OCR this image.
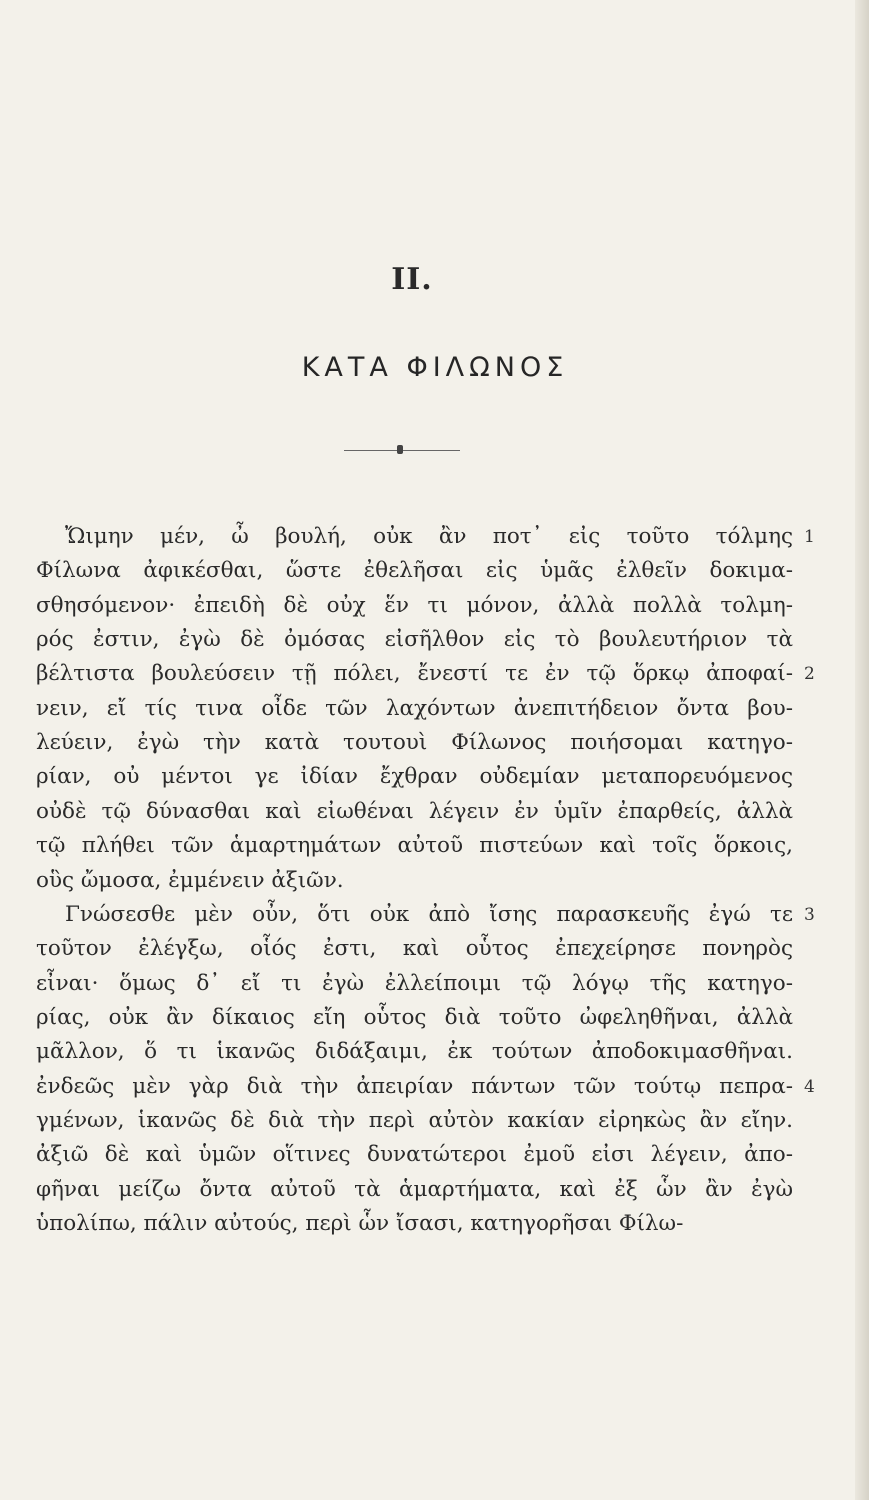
II.
ΚΑΤΑ ΦΙΛΩΝΟΣ
Ὤιμην μέν, ὦ βουλή, οὐκ ἂν ποτ᾽ εἰς τοῦτο τόλμης
Φίλωνα ἀφικέσθαι, ὥστε ἐθελῆσαι εἰς ὑμᾶς ἐλθεῖν δοκιμα-
σθησόμενον· ἐπειδὴ δὲ οὐχ ἕν τι μόνον, ἀλλὰ πολλὰ τολμη-
ρός ἐστιν, ἐγὼ δὲ ὀμόσας εἰσῆλθον εἰς τὸ βουλευτήριον τὰ
βέλτιστα βουλεύσειν τῇ πόλει, ἔνεστί τε ἐν τῷ ὅρκῳ ἀποφαί-
νειν, εἴ τίς τινα οἶδε τῶν λαχόντων ἀνεπιτήδειον ὄντα βου-
λεύειν, ἐγὼ τὴν κατὰ τουτουὶ Φίλωνος ποιήσομαι κατηγο-
ρίαν, οὐ μέντοι γε ἰδίαν ἔχθραν οὐδεμίαν μεταπορευόμενος
οὐδὲ τῷ δύνασθαι καὶ εἰωθέναι λέγειν ἐν ὑμῖν ἐπαρθείς, ἀλλὰ
τῷ πλήθει τῶν ἁμαρτημάτων αὐτοῦ πιστεύων καὶ τοῖς ὅρκοις,
οὓς ὤμοσα, ἐμμένειν ἀξιῶν.
Γνώσεσθε μὲν οὖν, ὅτι οὐκ ἀπὸ ἴσης παρασκευῆς ἐγώ τε
τοῦτον ἐλέγξω, οἷός ἐστι, καὶ οὗτος ἐπεχείρησε πονηρὸς
εἶναι· ὅμως δ᾽ εἴ τι ἐγὼ ἐλλείποιμι τῷ λόγῳ τῆς κατηγο-
ρίας, οὐκ ἂν δίκαιος εἴη οὗτος διὰ τοῦτο ὠφεληθῆναι, ἀλλὰ
μᾶλλον, ὅ τι ἱκανῶς διδάξαιμι, ἐκ τούτων ἀποδοκιμασθῆναι.
ἐνδεῶς μὲν γὰρ διὰ τὴν ἀπειρίαν πάντων τῶν τούτῳ πεπρα-
γμένων, ἱκανῶς δὲ διὰ τὴν περὶ αὐτὸν κακίαν εἰρηκὼς ἂν εἴην.
ἀξιῶ δὲ καὶ ὑμῶν οἵτινες δυνατώτεροι ἐμοῦ εἰσι λέγειν, ἀπο-
φῆναι μείζω ὄντα αὐτοῦ τὰ ἁμαρτήματα, καὶ ἐξ ὧν ἂν ἐγὼ
ὑπολίπω, πάλιν αὐτούς, περὶ ὧν ἴσασι, κατηγορῆσαι Φίλω-
1
2
3
4
